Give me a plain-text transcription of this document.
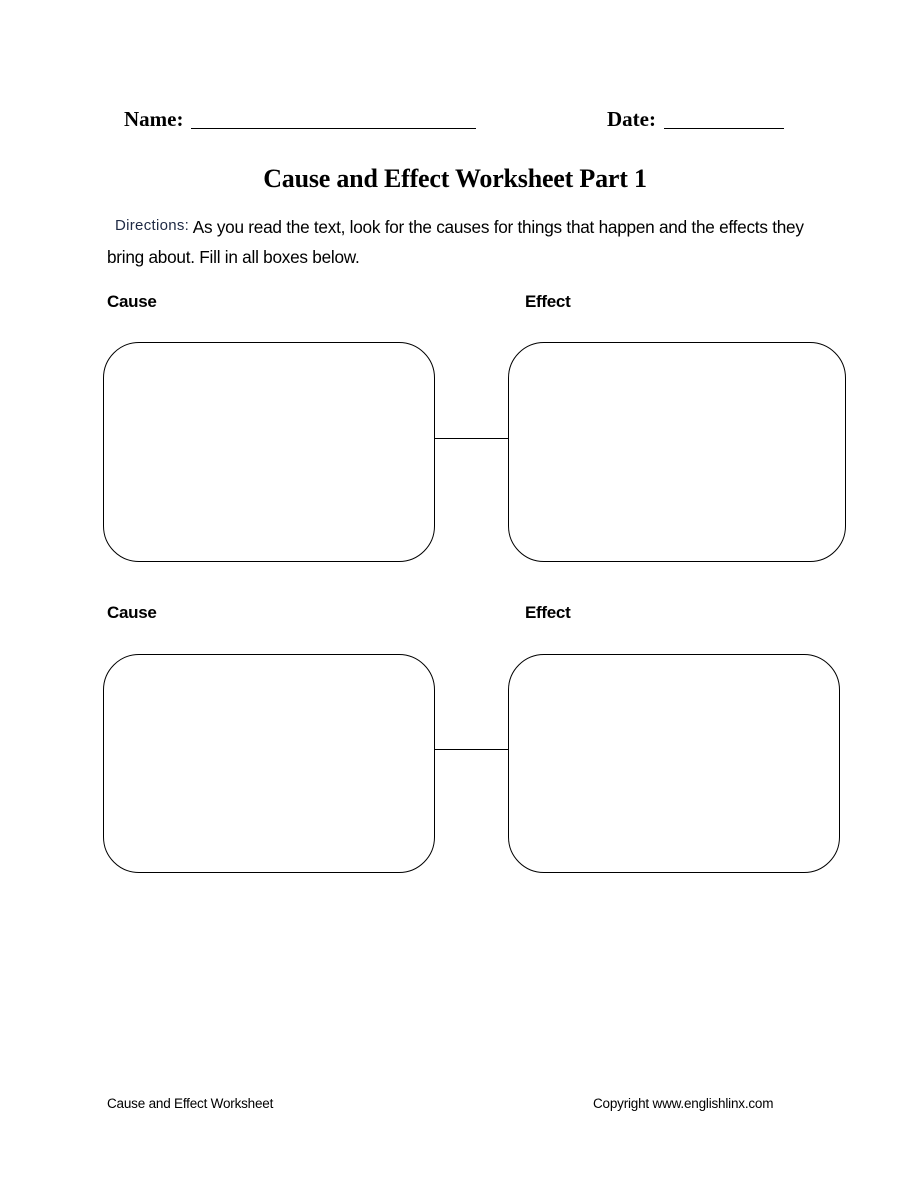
Name:	Date:
Cause and Effect Worksheet Part 1
Directions: As you read the text, look for the causes for things that happen and the effects they bring about. Fill in all boxes below.
Cause	Effect
Cause	Effect
Cause and Effect Worksheet	Copyright www.englishlinx.com
